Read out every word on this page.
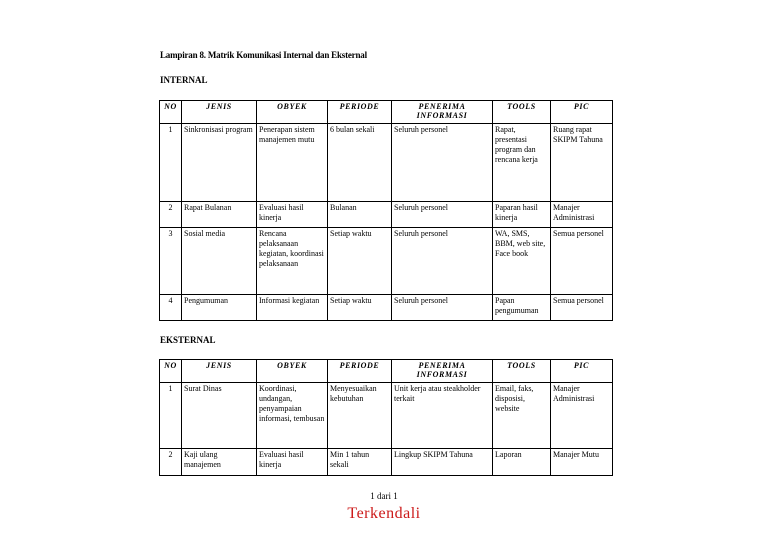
Lampiran 8. Matrik Komunikasi Internal dan Eksternal
INTERNAL
NO	JENIS	OBYEK	PERIODE	PENERIMA INFORMASI	TOOLS	PIC
1	Sinkronisasi program	Penerapan sistem manajemen mutu	6 bulan sekali	Seluruh personel	Rapat, presentasi program dan rencana kerja	Ruang rapat SKIPM Tahuna
2	Rapat Bulanan	Evaluasi hasil kinerja	Bulanan	Seluruh personel	Paparan hasil kinerja	Manajer Administrasi
3	Sosial media	Rencana pelaksanaan kegiatan, koordinasi pelaksanaan	Setiap waktu	Seluruh personel	WA, SMS, BBM, web site, Face book	Semua personel
4	Pengumuman	Informasi kegiatan	Setiap waktu	Seluruh personel	Papan pengumuman	Semua personel
EKSTERNAL
NO	JENIS	OBYEK	PERIODE	PENERIMA INFORMASI	TOOLS	PIC
1	Surat Dinas	Koordinasi, undangan, penyampaian informasi, tembusan	Menyesuaikan kebutuhan	Unit kerja atau steakholder terkait	Email, faks, disposisi, website	Manajer Administrasi
2	Kaji ulang manajemen	Evaluasi hasil kinerja	Min 1 tahun sekali	Lingkup SKIPM Tahuna	Laporan	Manajer Mutu
1 dari 1
Terkendali
